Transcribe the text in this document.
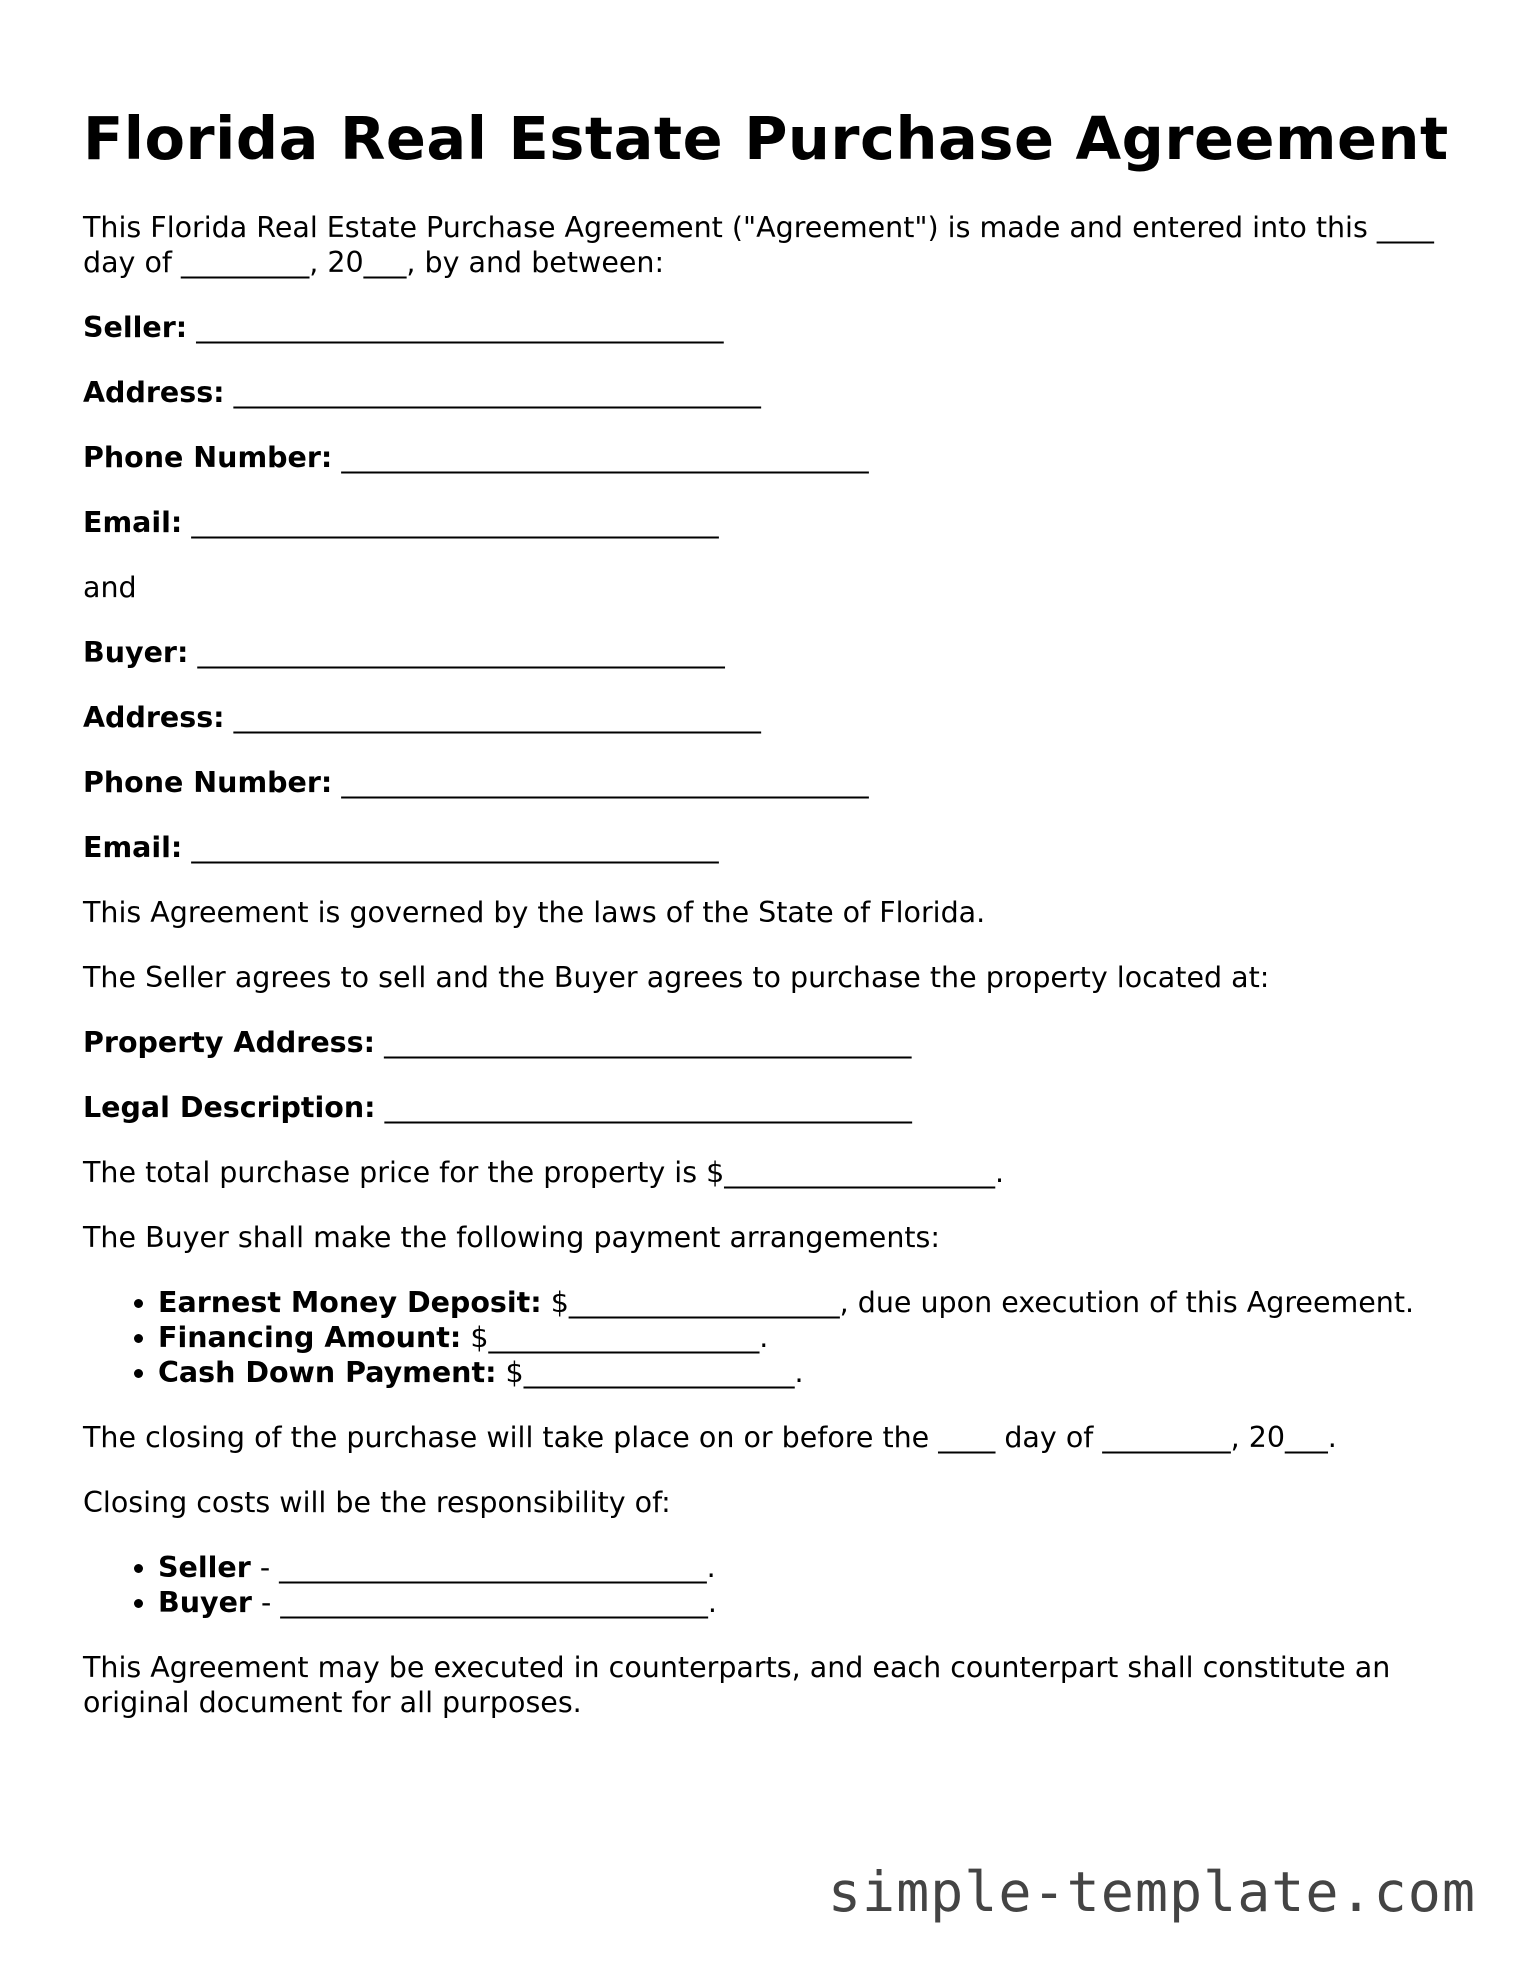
Florida Real Estate Purchase Agreement

This Florida Real Estate Purchase Agreement ("Agreement") is made and entered into this ____ day of _________, 20___, by and between:

Seller: _____________________________________

Address: _____________________________________

Phone Number: _____________________________________

Email: _____________________________________

and

Buyer: _____________________________________

Address: _____________________________________

Phone Number: _____________________________________

Email: _____________________________________

This Agreement is governed by the laws of the State of Florida.

The Seller agrees to sell and the Buyer agrees to purchase the property located at:

Property Address: _____________________________________

Legal Description: _____________________________________

The total purchase price for the property is $___________________.

The Buyer shall make the following payment arrangements:

• Earnest Money Deposit: $___________________, due upon execution of this Agreement.
• Financing Amount: $___________________.
• Cash Down Payment: $___________________.

The closing of the purchase will take place on or before the ____ day of _________, 20___.

Closing costs will be the responsibility of:

• Seller - ______________________________.
• Buyer - ______________________________.

This Agreement may be executed in counterparts, and each counterpart shall constitute an original document for all purposes.

simple-template.com
